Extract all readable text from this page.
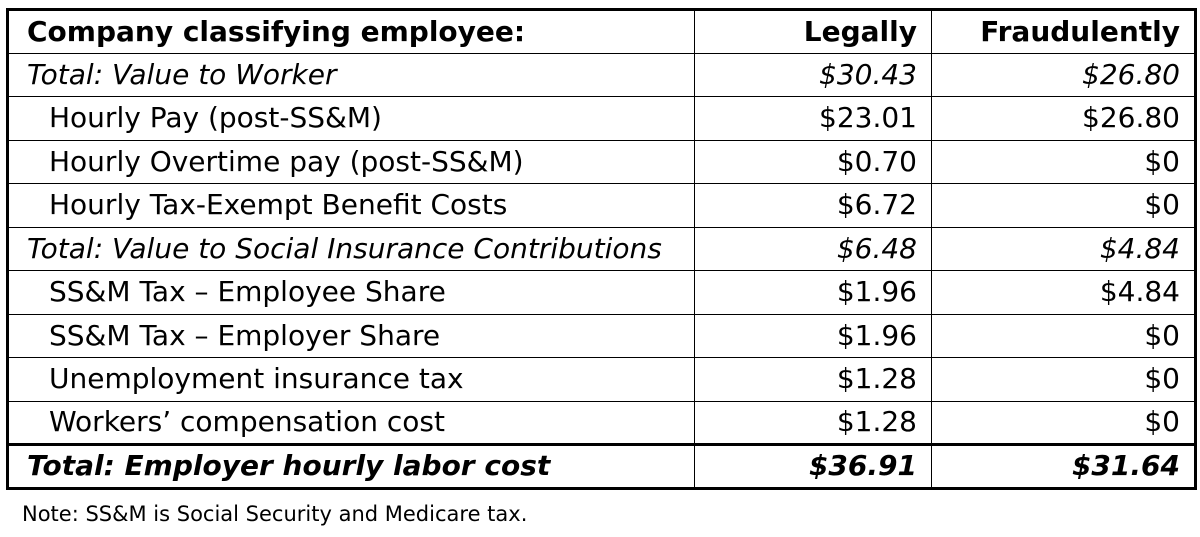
Company classifying employee:	Legally	Fraudulently
Total: Value to Worker	$30.43	$26.80
Hourly Pay (post-SS&M)	$23.01	$26.80
Hourly Overtime pay (post-SS&M)	$0.70	$0
Hourly Tax-Exempt Benefit Costs	$6.72	$0
Total: Value to Social Insurance Contributions	$6.48	$4.84
SS&M Tax – Employee Share	$1.96	$4.84
SS&M Tax – Employer Share	$1.96	$0
Unemployment insurance tax	$1.28	$0
Workers’ compensation cost	$1.28	$0
Total: Employer hourly labor cost	$36.91	$31.64
Note: SS&M is Social Security and Medicare tax.
